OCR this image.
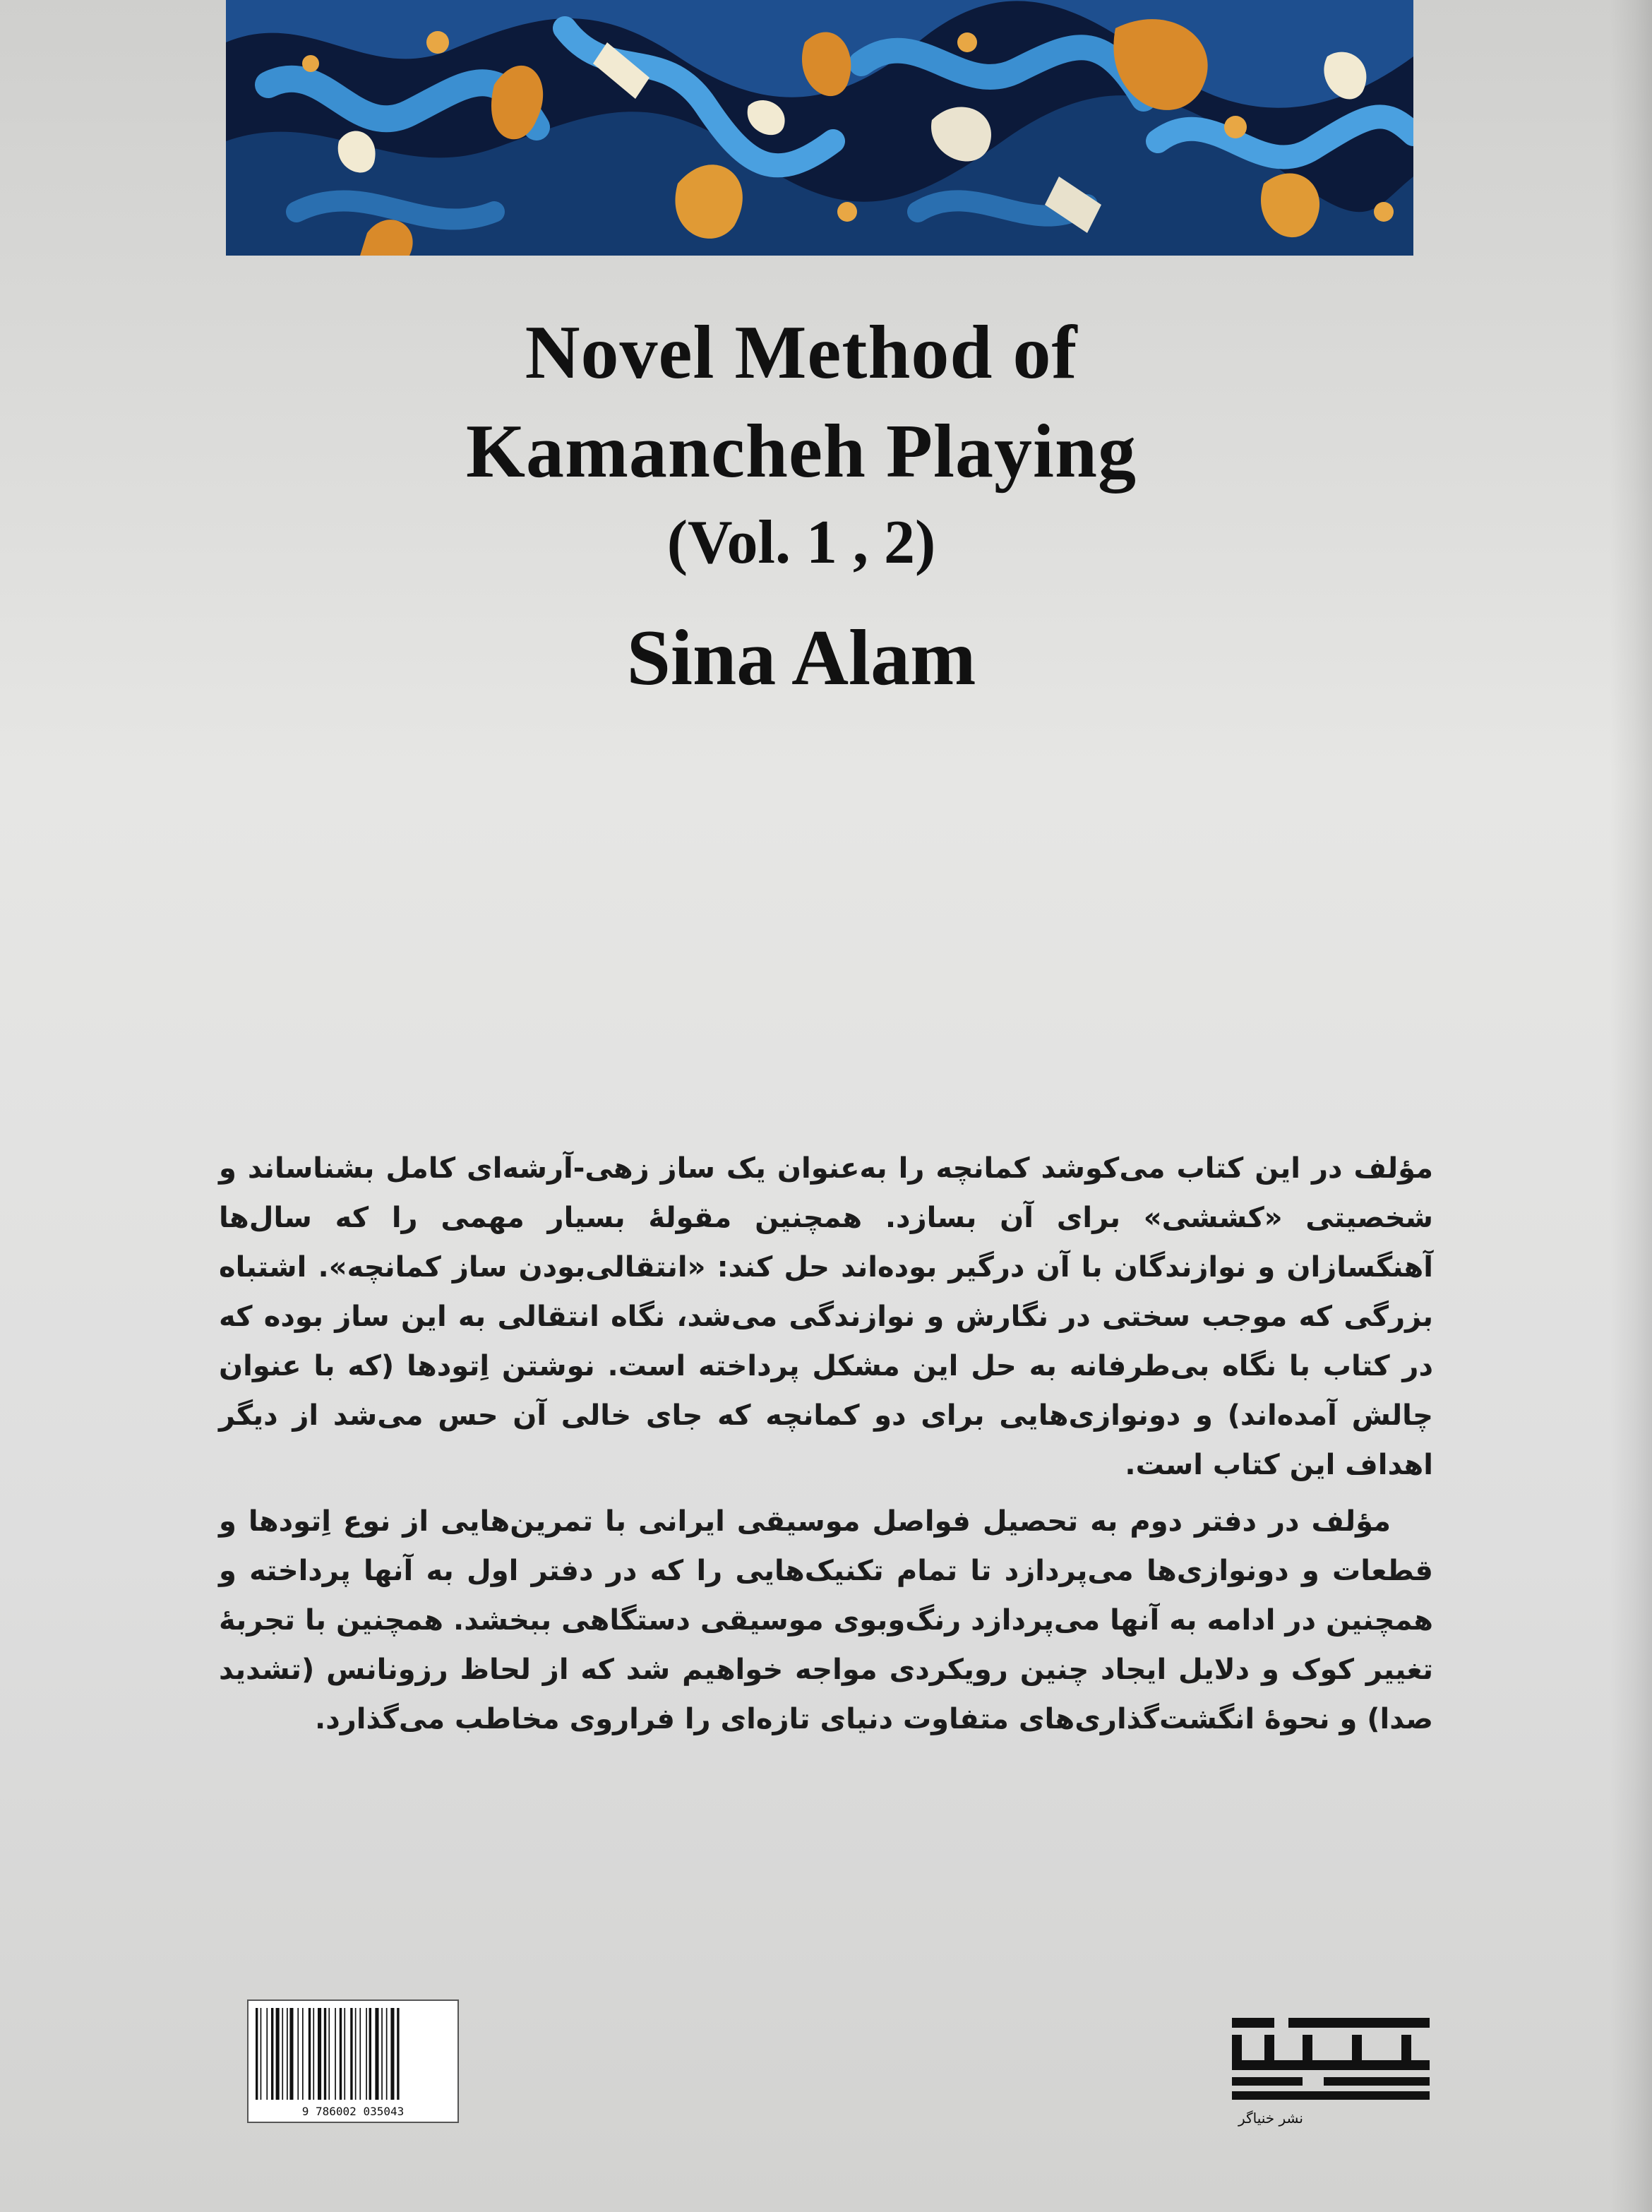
Novel Method of
Kamancheh Playing
(Vol. 1 , 2)
Sina Alam

مؤلف در این کتاب می‌کوشد کمانچه را به‌عنوان یک ساز زهی-آرشه‌ای کامل بشناساند و شخصیتی «کششی» برای آن بسازد. همچنین مقولهٔ بسیار مهمی را که سال‌ها آهنگسازان و نوازندگان با آن درگیر بوده‌اند حل کند: «انتقالی‌بودن ساز کمانچه». اشتباه بزرگی که موجب سختی در نگارش و نوازندگی می‌شد، نگاه انتقالی به این ساز بوده که در کتاب با نگاه بی‌طرفانه به حل این مشکل پرداخته است. نوشتن اِتودها (که با عنوان چالش آمده‌اند) و دونوازی‌هایی برای دو کمانچه که جای خالی آن حس می‌شد از دیگر اهداف این کتاب است.

مؤلف در دفتر دوم به تحصیل فواصل موسیقی ایرانی با تمرین‌هایی از نوع اِتودها و قطعات و دونوازی‌ها می‌پردازد تا تمام تکنیک‌هایی را که در دفتر اول به آنها پرداخته و همچنین در ادامه به آنها می‌پردازد رنگ‌وبوی موسیقی دستگاهی ببخشد. همچنین با تجربهٔ تغییر کوک و دلایل ایجاد چنین رویکردی مواجه خواهیم شد که از لحاظ رزونانس (تشدید صدا) و نحوهٔ انگشت‌گذاری‌های متفاوت دنیای تازه‌ای را فراروی مخاطب می‌گذارد.

9 786002 035043	نشر خنیاگر
